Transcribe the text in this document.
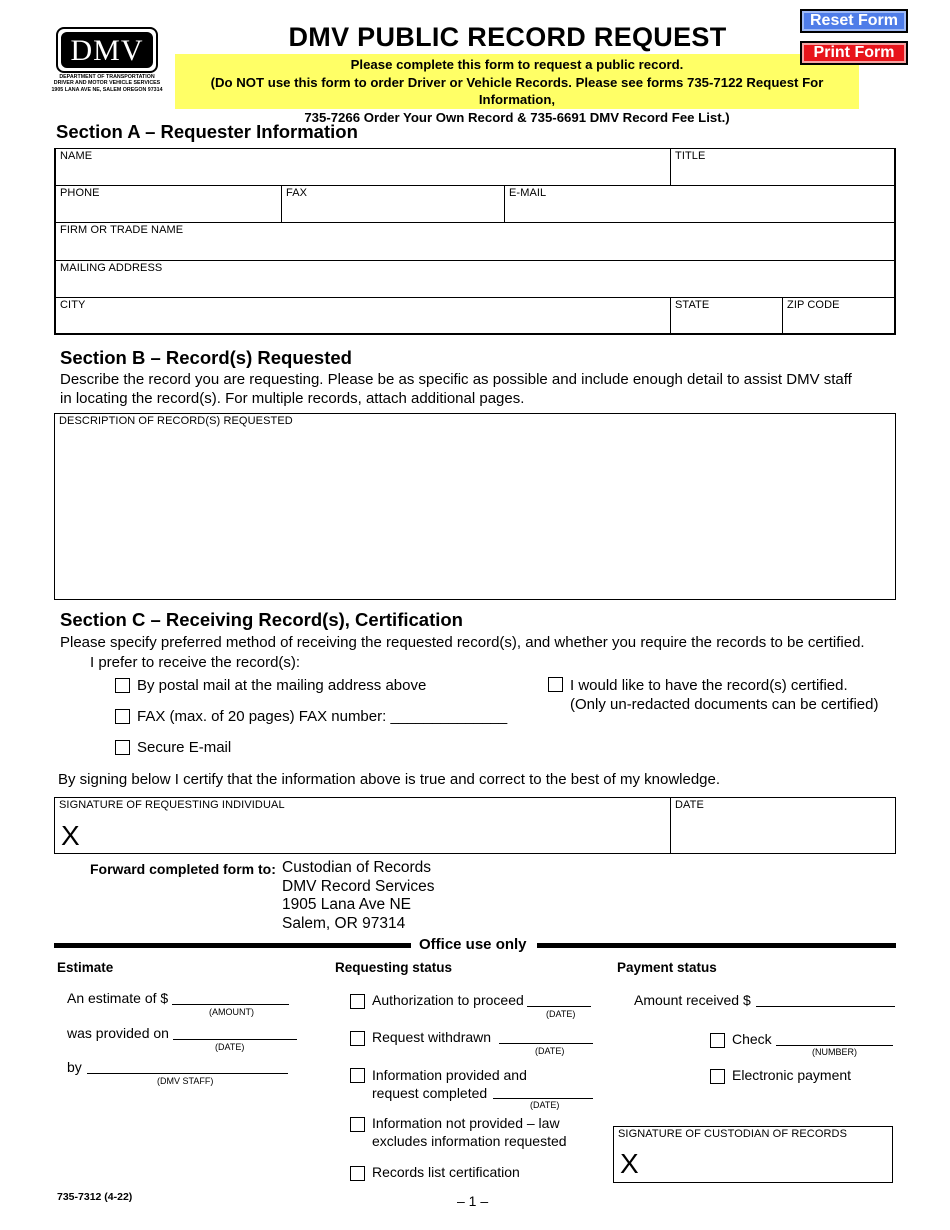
DMV
DEPARTMENT OF TRANSPORTATION
DRIVER AND MOTOR VEHICLE SERVICES
1905 LANA AVE NE, SALEM OREGON 97314
DMV PUBLIC RECORD REQUEST
Please complete this form to request a public record.
(Do NOT use this form to order Driver or Vehicle Records. Please see forms 735-7122 Request For Information,
735-7266 Order Your Own Record & 735-6691 DMV Record Fee List.)
Reset Form
Print Form
Section A – Requester Information
NAME	TITLE
PHONE	FAX	E-MAIL
FIRM OR TRADE NAME
MAILING ADDRESS
CITY	STATE	ZIP CODE
Section B – Record(s) Requested
Describe the record you are requesting. Please be as specific as possible and include enough detail to assist DMV staff
in locating the record(s). For multiple records, attach additional pages.
DESCRIPTION OF RECORD(S) REQUESTED
Section C – Receiving Record(s), Certification
Please specify preferred method of receiving the requested record(s), and whether you require the records to be certified.
I prefer to receive the record(s):
By postal mail at the mailing address above
FAX (max. of 20 pages) FAX number: ______________
Secure E-mail
I would like to have the record(s) certified.
(Only un-redacted documents can be certified)
By signing below I certify that the information above is true and correct to the best of my knowledge.
SIGNATURE OF REQUESTING INDIVIDUAL
X
DATE
Forward completed form to: Custodian of Records
DMV Record Services
1905 Lana Ave NE
Salem, OR 97314
Office use only
Estimate
An estimate of $
(AMOUNT)
was provided on
(DATE)
by
(DMV STAFF)
Requesting status
Authorization to proceed
(DATE)
Request withdrawn
(DATE)
Information provided and
request completed
(DATE)
Information not provided – law
excludes information requested
Records list certification
Payment status
Amount received $
Check
(NUMBER)
Electronic payment
SIGNATURE OF CUSTODIAN OF RECORDS
X
735-7312 (4-22)	– 1 –
